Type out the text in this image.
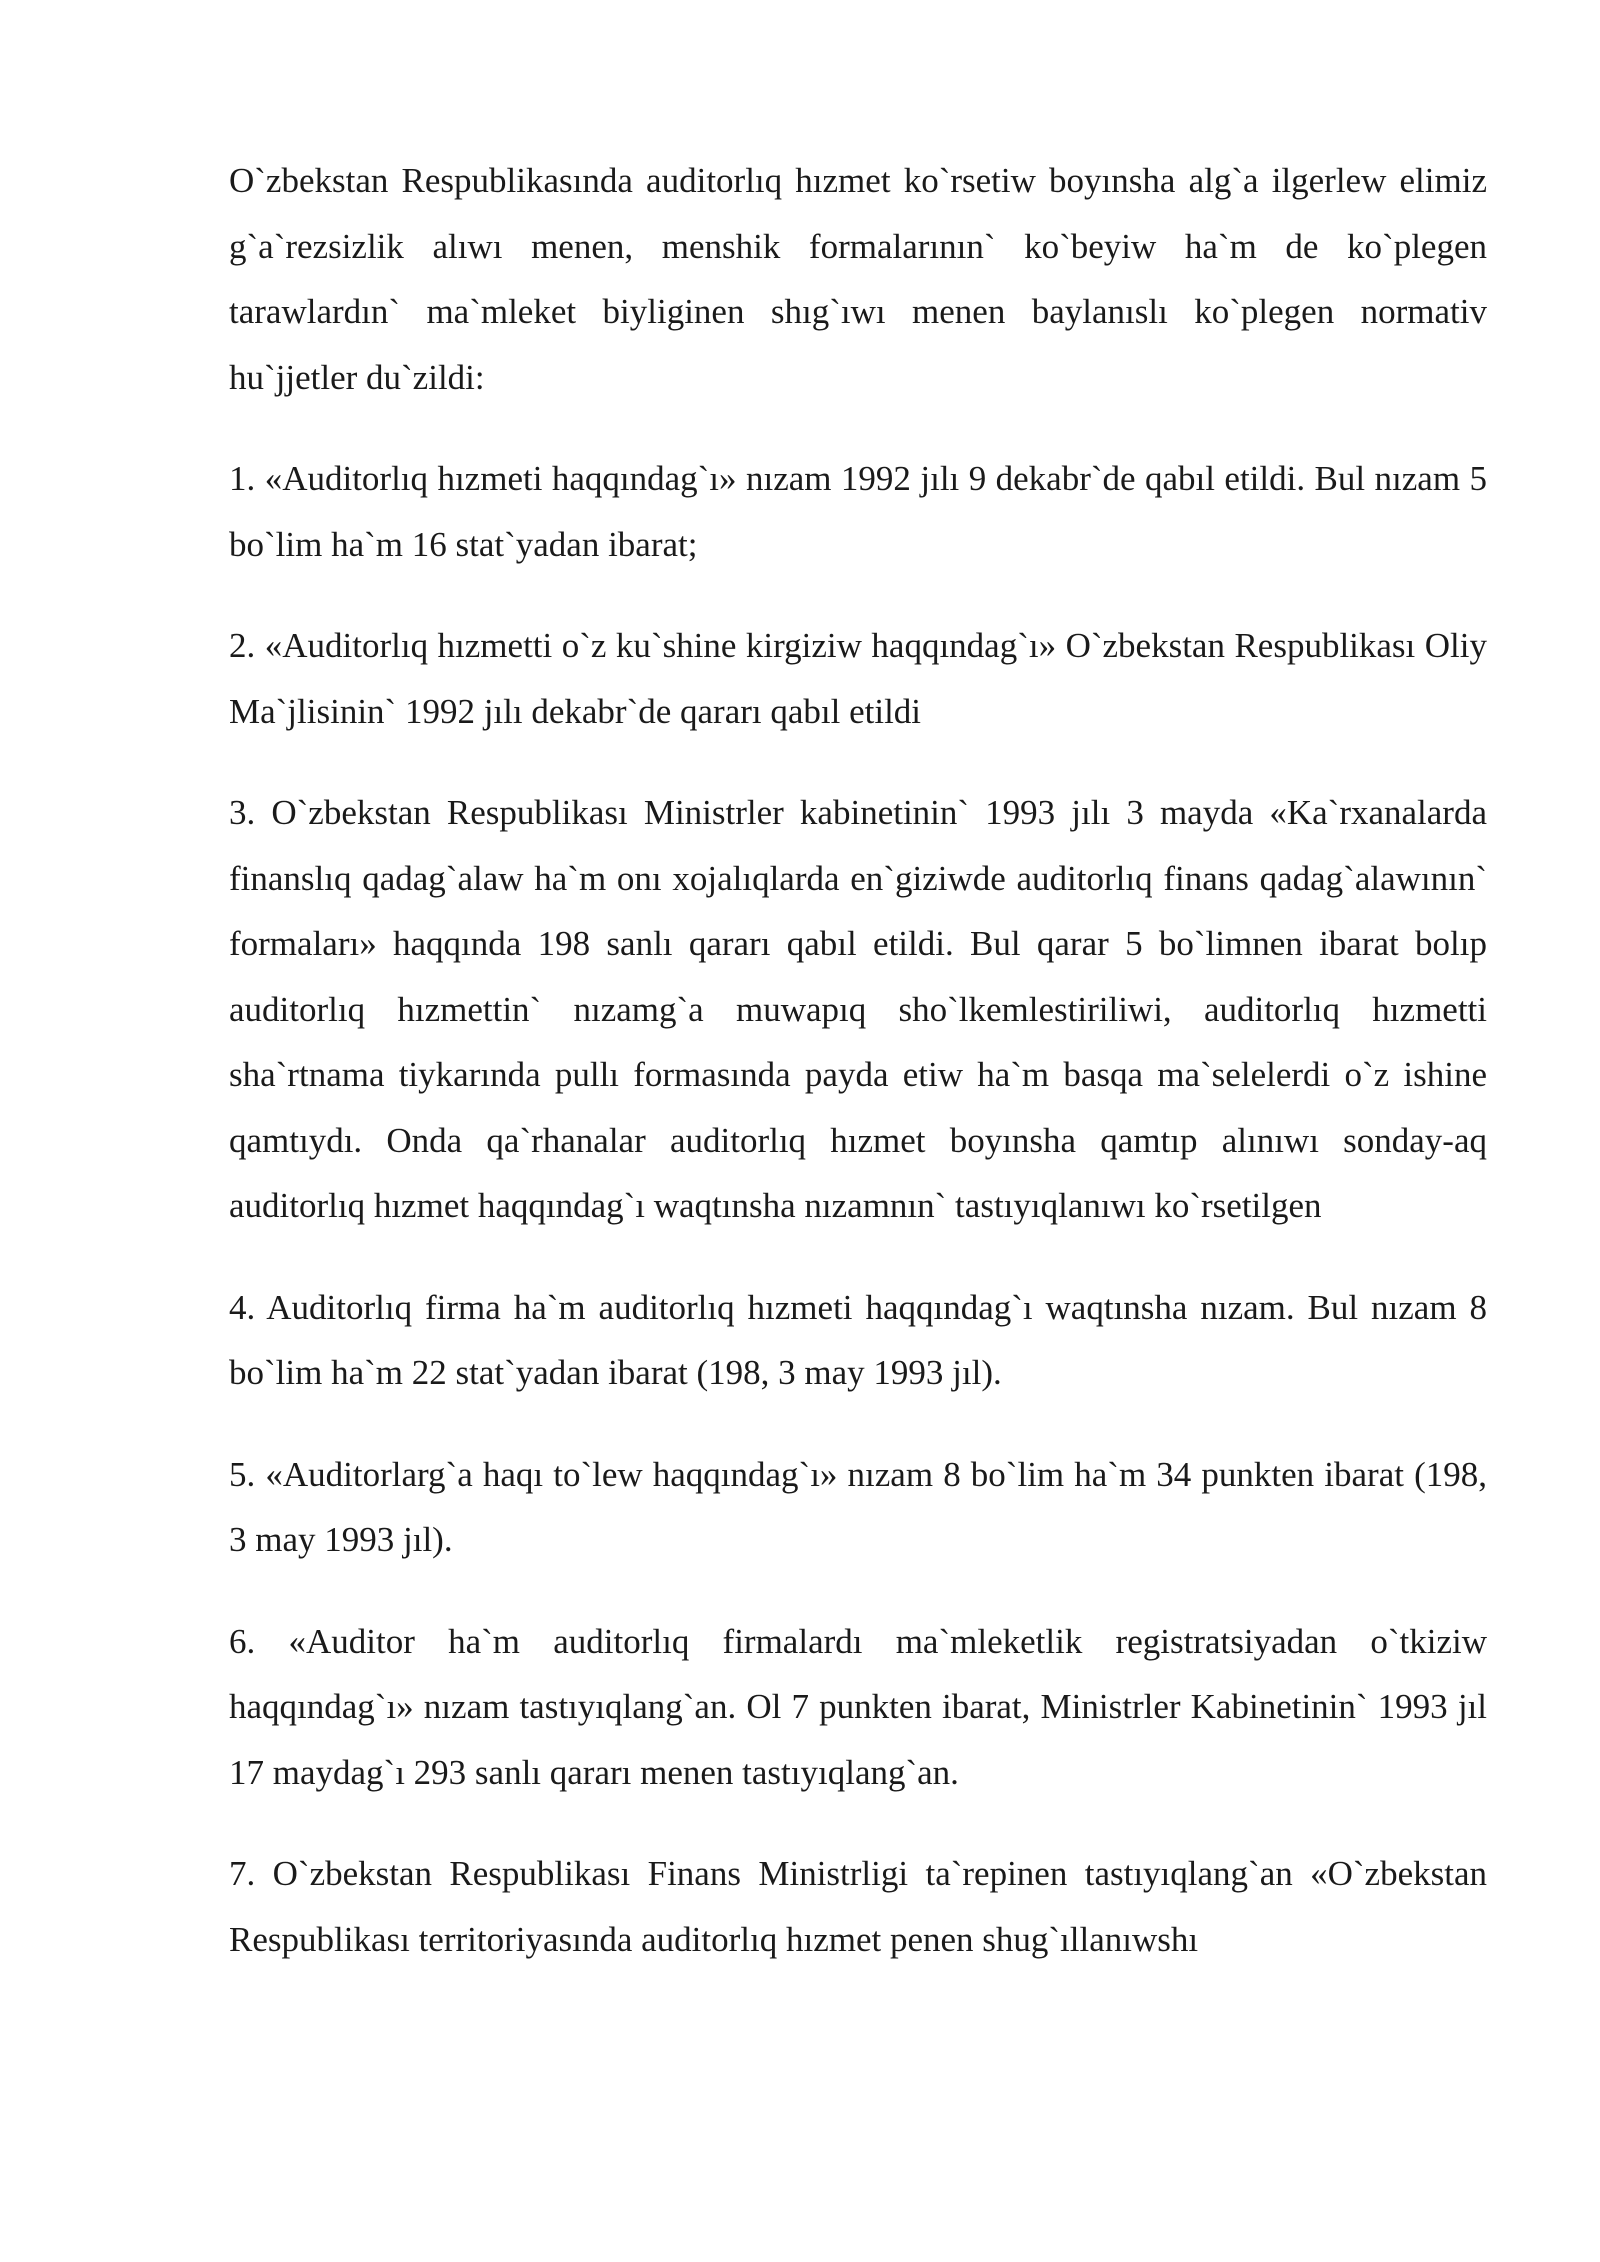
O`zbekstan Respublikasında auditorlıq hızmet ko`rsetiw boyınsha alg`a ilgerlew elimiz g`a`rezsizlik alıwı menen, menshik formalarının` ko`beyiw ha`m de ko`plegen tarawlardın` ma`mleket biyliginen shıg`ıwı menen baylanıslı ko`plegen normativ hu`jjetler du`zildi:

1. «Auditorlıq hızmeti haqqındag`ı» nızam 1992 jılı 9 dekabr`de qabıl etildi. Bul nızam 5 bo`lim ha`m 16 stat`yadan ibarat;

2. «Auditorlıq hızmetti o`z ku`shine kirgiziw haqqındag`ı» O`zbekstan Respublikası Oliy Ma`jlisinin` 1992 jılı dekabr`de qararı qabıl etildi

3. O`zbekstan Respublikası Ministrler kabinetinin` 1993 jılı 3 mayda «Ka`rxanalarda finanslıq qadag`alaw ha`m onı xojalıqlarda en`giziwde auditorlıq finans qadag`alawının` formaları» haqqında 198 sanlı qararı qabıl etildi. Bul qarar 5 bo`limnen ibarat bolıp auditorlıq hızmettin` nızamg`a muwapıq sho`lkemlestiriliwi, auditorlıq hızmetti sha`rtnama tiykarında pullı formasında payda etiw ha`m basqa ma`selelerdi o`z ishine qamtıydı. Onda qa`rhanalar auditorlıq hızmet boyınsha qamtıp alınıwı sonday-aq auditorlıq hızmet haqqındag`ı waqtınsha nızamnın` tastıyıqlanıwı ko`rsetilgen

4. Auditorlıq firma ha`m auditorlıq hızmeti haqqındag`ı waqtınsha nızam. Bul nızam 8 bo`lim ha`m 22 stat`yadan ibarat (198, 3 may 1993 jıl).

5. «Auditorlarg`a haqı to`lew haqqındag`ı» nızam 8 bo`lim ha`m 34 punkten ibarat (198, 3 may 1993 jıl).

6. «Auditor ha`m auditorlıq firmalardı ma`mleketlik registratsiyadan o`tkiziw haqqındag`ı» nızam tastıyıqlang`an. Ol 7 punkten ibarat, Ministrler Kabinetinin` 1993 jıl 17 maydag`ı 293 sanlı qararı menen tastıyıqlang`an.

7. O`zbekstan Respublikası Finans Ministrligi ta`repinen tastıyıqlang`an «O`zbekstan Respublikası territoriyasında auditorlıq hızmet penen shug`ıllanıwshı
